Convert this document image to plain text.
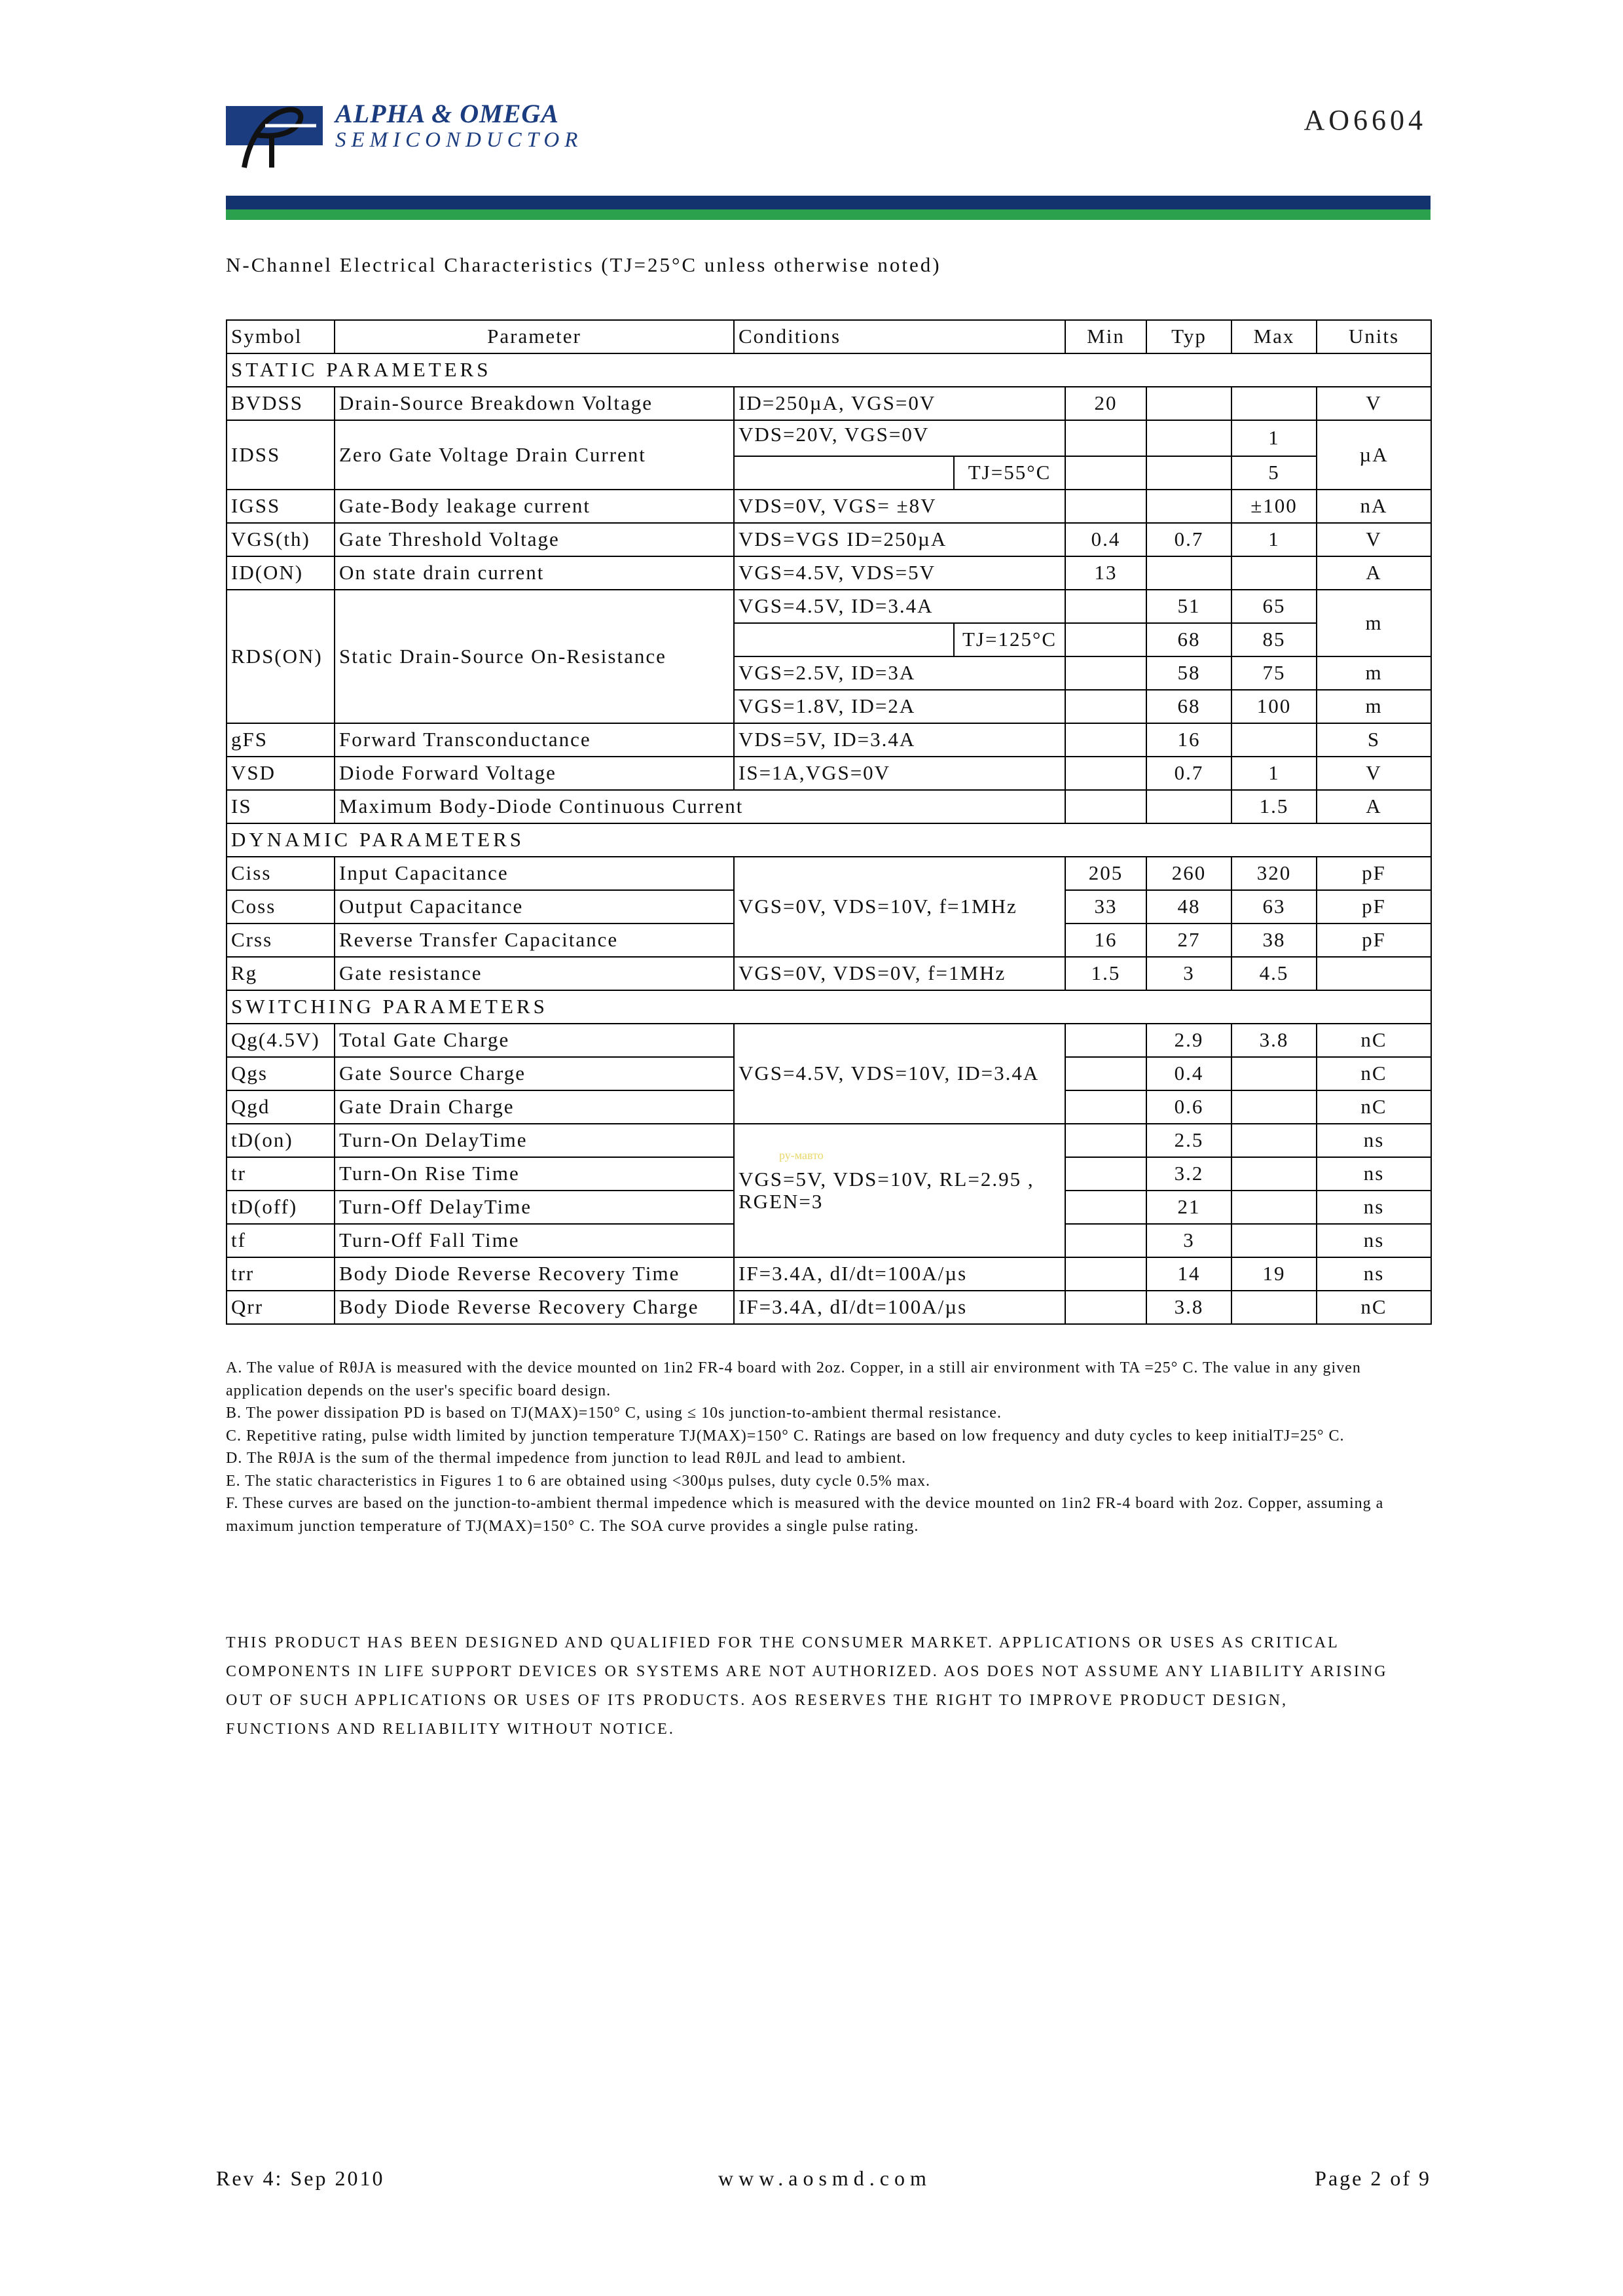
ALPHA & OMEGA
SEMICONDUCTOR
AO6604
N-Channel Electrical Characteristics (TJ=25°C unless otherwise noted)
Symbol	Parameter	Conditions		Min	Typ	Max	Units
STATIC PARAMETERS							
BVDSS	Drain-Source Breakdown Voltage	ID=250µA, VGS=0V		20			V
IDSS	Zero Gate Voltage Drain Current	VDS=20V, VGS=0V				1	µA
			TJ=55°C			5	
IGSS	Gate-Body leakage current	VDS=0V, VGS= ±8V				±100	nA
VGS(th)	Gate Threshold Voltage	VDS=VGS ID=250µA		0.4	0.7	1	V
ID(ON)	On state drain current	VGS=4.5V, VDS=5V		13			A
RDS(ON)	Static Drain-Source On-Resistance	VGS=4.5V, ID=3.4A			51	65	m
			TJ=125°C		68	85	
		VGS=2.5V, ID=3A			58	75	m
		VGS=1.8V, ID=2A			68	100	m
gFS	Forward Transconductance	VDS=5V, ID=3.4A			16		S
VSD	Diode Forward Voltage	IS=1A,VGS=0V			0.7	1	V
IS	Maximum Body-Diode Continuous Current					1.5	A
DYNAMIC PARAMETERS							
Ciss	Input Capacitance	VGS=0V, VDS=10V, f=1MHz		205	260	320	pF
Coss	Output Capacitance			33	48	63	pF
Crss	Reverse Transfer Capacitance			16	27	38	pF
Rg	Gate resistance	VGS=0V, VDS=0V, f=1MHz		1.5	3	4.5	
SWITCHING PARAMETERS							
Qg(4.5V)	Total Gate Charge	VGS=4.5V, VDS=10V, ID=3.4A			2.9	3.8	nC
Qgs	Gate Source Charge				0.4		nC
Qgd	Gate Drain Charge				0.6		nC
tD(on)	Turn-On DelayTime	VGS=5V, VDS=10V, RL=2.95 , RGEN=3			2.5		ns
tr	Turn-On Rise Time				3.2		ns
tD(off)	Turn-Off DelayTime				21		ns
tf	Turn-Off Fall Time				3		ns
trr	Body Diode Reverse Recovery Time	IF=3.4A, dI/dt=100A/µs			14	19	ns
Qrr	Body Diode Reverse Recovery Charge	IF=3.4A, dI/dt=100A/µs			3.8		nC
ру-мавто

A. The value of RθJA is measured with the device mounted on 1in2 FR-4 board with 2oz. Copper, in a still air environment with TA =25° C. The value in any given application depends on the user's specific board design.

B. The power dissipation PD is based on TJ(MAX)=150° C, using ≤ 10s junction-to-ambient thermal resistance.

C. Repetitive rating, pulse width limited by junction temperature TJ(MAX)=150° C. Ratings are based on low frequency and duty cycles to keep initialTJ=25° C.

D. The RθJA is the sum of the thermal impedence from junction to lead RθJL and lead to ambient.

E. The static characteristics in Figures 1 to 6 are obtained using <300µs pulses, duty cycle 0.5% max.

F. These curves are based on the junction-to-ambient thermal impedence which is measured with the device mounted on 1in2 FR-4 board with 2oz. Copper, assuming a maximum junction temperature of TJ(MAX)=150° C. The SOA curve provides a single pulse rating.

THIS PRODUCT HAS BEEN DESIGNED AND QUALIFIED FOR THE CONSUMER MARKET. APPLICATIONS OR USES AS CRITICAL

COMPONENTS IN LIFE SUPPORT DEVICES OR SYSTEMS ARE NOT AUTHORIZED. AOS DOES NOT ASSUME ANY LIABILITY ARISING

OUT OF SUCH APPLICATIONS OR USES OF ITS PRODUCTS. AOS RESERVES THE RIGHT TO IMPROVE PRODUCT DESIGN,

FUNCTIONS AND RELIABILITY WITHOUT NOTICE.

Rev 4: Sep 2010	www.aosmd.com	Page 2 of 9
